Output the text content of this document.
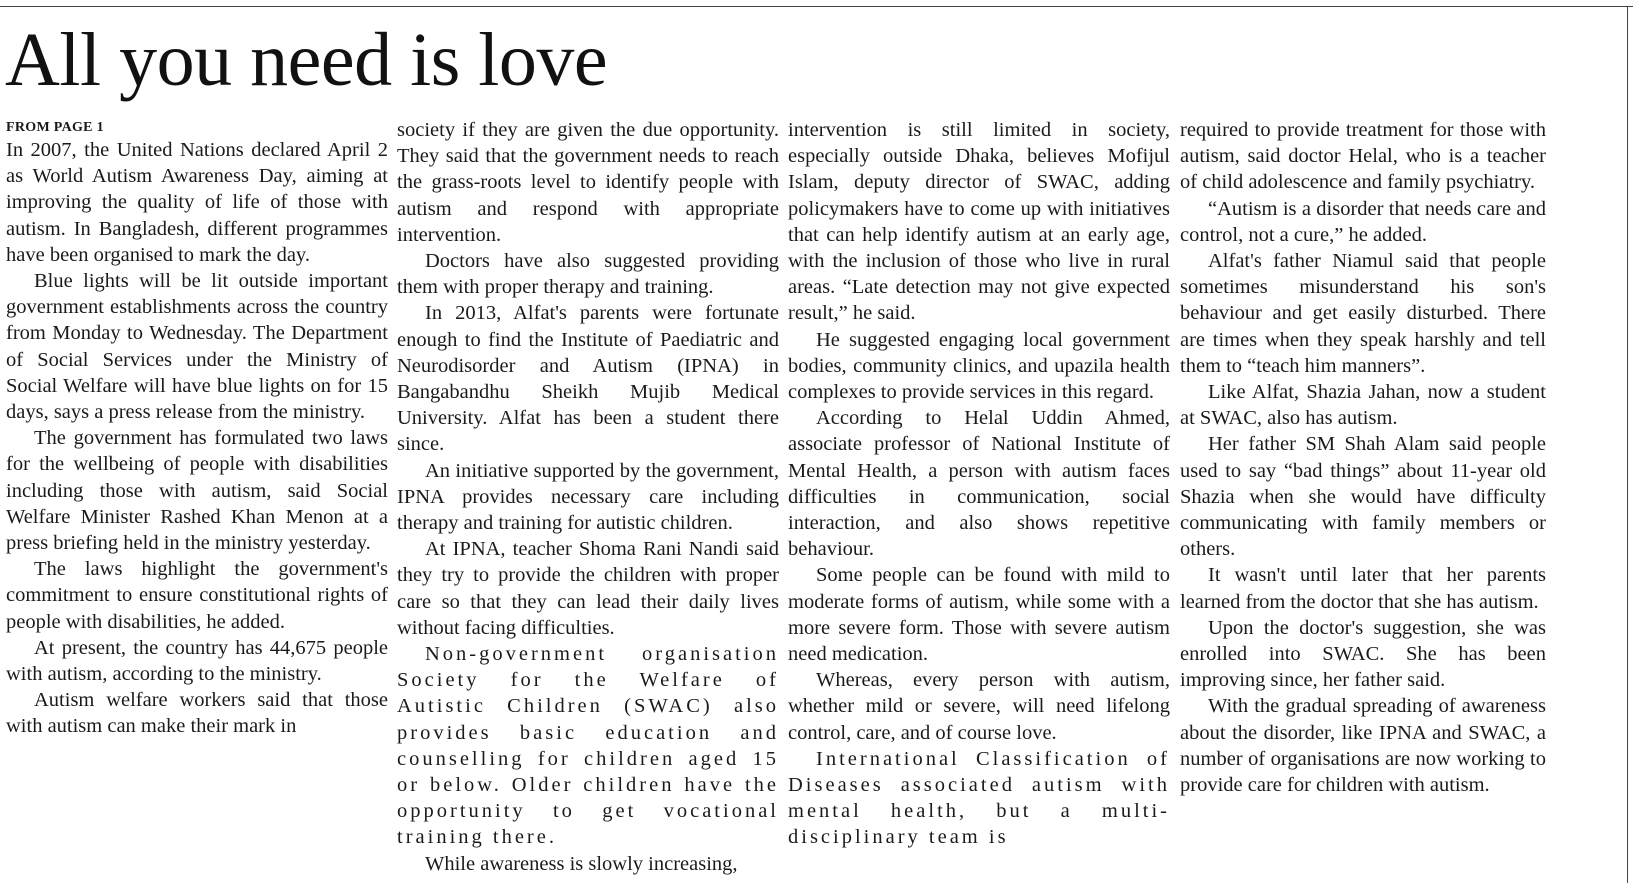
All you need is love
FROM PAGE 1

In 2007, the United Nations declared April 2 as World Autism Awareness Day, aiming at improving the quality of life of those with autism. In Bangladesh, different programmes have been organised to mark the day.

Blue lights will be lit outside important government establishments across the country from Monday to Wednesday. The Department of Social Services under the Ministry of Social Welfare will have blue lights on for 15 days, says a press release from the ministry.

The government has formulated two laws for the wellbeing of people with disabilities including those with autism, said Social Welfare Minister Rashed Khan Menon at a press briefing held in the ministry yesterday.

The laws highlight the government's commitment to ensure constitutional rights of people with disabilities, he added.

At present, the country has 44,675 people with autism, according to the ministry.

Autism welfare workers said that those with autism can make their mark in

society if they are given the due opportunity. They said that the government needs to reach the grass-roots level to identify people with autism and respond with appropriate intervention.

Doctors have also suggested providing them with proper therapy and training.

In 2013, Alfat's parents were fortunate enough to find the Institute of Paediatric and Neurodisorder and Autism (IPNA) in Bangabandhu Sheikh Mujib Medical University. Alfat has been a student there since.

An initiative supported by the government, IPNA provides necessary care including therapy and training for autistic children.

At IPNA, teacher Shoma Rani Nandi said they try to provide the children with proper care so that they can lead their daily lives without facing difficulties.

Non-government organisation Society for the Welfare of Autistic Children (SWAC) also provides basic education and counselling for children aged 15 or below. Older children have the opportunity to get vocational training there.

While awareness is slowly increasing,

intervention is still limited in society, especially outside Dhaka, believes Mofijul Islam, deputy director of SWAC, adding policymakers have to come up with initiatives that can help identify autism at an early age, with the inclusion of those who live in rural areas. “Late detection may not give expected result,” he said.

He suggested engaging local government bodies, community clinics, and upazila health complexes to provide services in this regard.

According to Helal Uddin Ahmed, associate professor of National Institute of Mental Health, a person with autism faces difficulties in communication, social interaction, and also shows repetitive behaviour.

Some people can be found with mild to moderate forms of autism, while some with a more severe form. Those with severe autism need medication.

Whereas, every person with autism, whether mild or severe, will need lifelong control, care, and of course love.

International Classification of Diseases associated autism with mental health, but a multi-disciplinary team is

required to provide treatment for those with autism, said doctor Helal, who is a teacher of child adolescence and family psychiatry.

“Autism is a disorder that needs care and control, not a cure,” he added.

Alfat's father Niamul said that people sometimes misunderstand his son's behaviour and get easily disturbed. There are times when they speak harshly and tell them to “teach him manners”.

Like Alfat, Shazia Jahan, now a student at SWAC, also has autism.

Her father SM Shah Alam said people used to say “bad things” about 11-year old Shazia when she would have difficulty communicating with family members or others.

It wasn't until later that her parents learned from the doctor that she has autism.

Upon the doctor's suggestion, she was enrolled into SWAC. She has been improving since, her father said.

With the gradual spreading of awareness about the disorder, like IPNA and SWAC, a number of organisations are now working to provide care for children with autism.
